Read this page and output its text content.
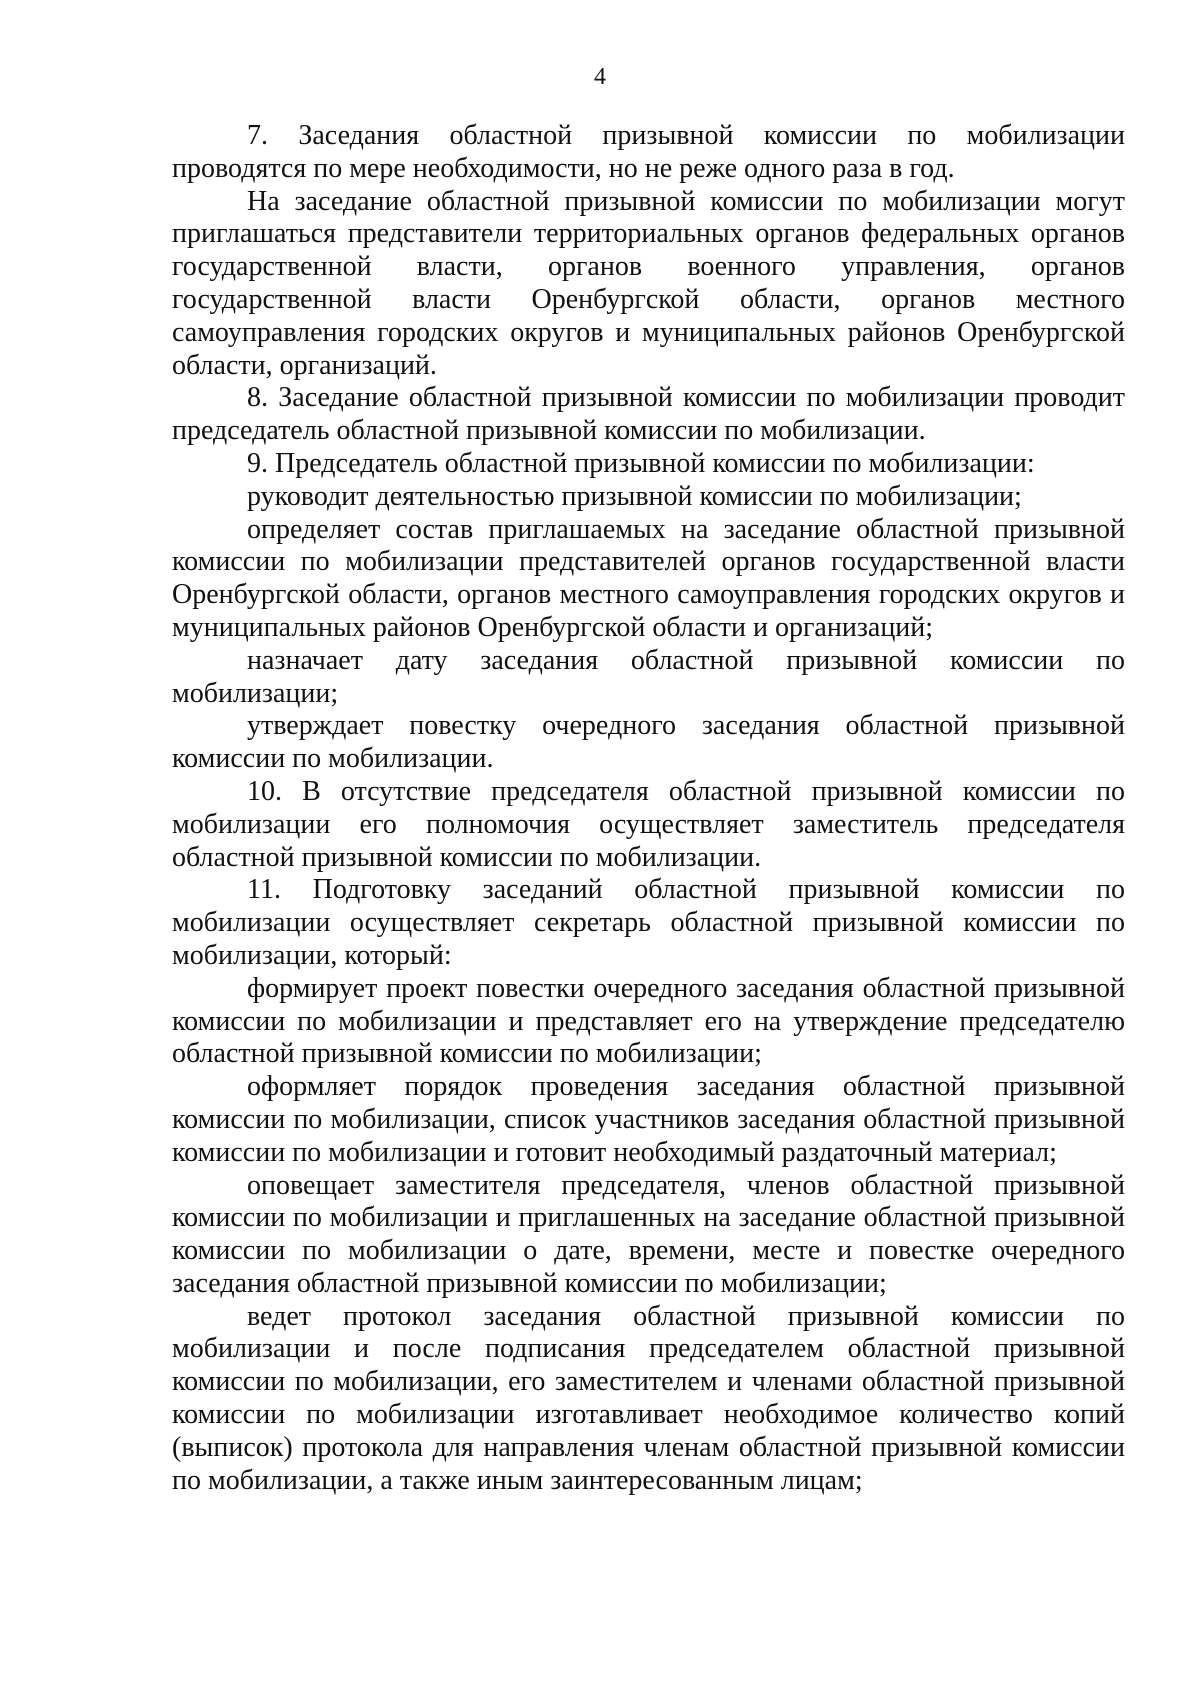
4

7. Заседания областной призывной комиссии по мобилизации проводятся по мере необходимости, но не реже одного раза в год.

На заседание областной призывной комиссии по мобилизации могут приглашаться представители территориальных органов федеральных органов государственной власти, органов военного управления, органов государственной власти Оренбургской области, органов местного самоуправления городских округов и муниципальных районов Оренбургской области, организаций.

8. Заседание областной призывной комиссии по мобилизации проводит председатель областной призывной комиссии по мобилизации.

9. Председатель областной призывной комиссии по мобилизации:

руководит деятельностью призывной комиссии по мобилизации;

определяет состав приглашаемых на заседание областной призывной комиссии по мобилизации представителей органов государственной власти Оренбургской области, органов местного самоуправления городских округов и муниципальных районов Оренбургской области и организаций;

назначает дату заседания областной призывной комиссии по мобилизации;

утверждает повестку очередного заседания областной призывной комиссии по мобилизации.

10. В отсутствие председателя областной призывной комиссии по мобилизации его полномочия осуществляет заместитель председателя областной призывной комиссии по мобилизации.

11. Подготовку заседаний областной призывной комиссии по мобилизации осуществляет секретарь областной призывной комиссии по мобилизации, который:

формирует проект повестки очередного заседания областной призывной комиссии по мобилизации и представляет его на утверждение председателю областной призывной комиссии по мобилизации;

оформляет порядок проведения заседания областной призывной комиссии по мобилизации, список участников заседания областной призывной комиссии по мобилизации и готовит необходимый раздаточный материал;

оповещает заместителя председателя, членов областной призывной комиссии по мобилизации и приглашенных на заседание областной призывной комиссии по мобилизации о дате, времени, месте и повестке очередного заседания областной призывной комиссии по мобилизации;

ведет протокол заседания областной призывной комиссии по мобилизации и после подписания председателем областной призывной комиссии по мобилизации, его заместителем и членами областной призывной комиссии по мобилизации изготавливает необходимое количество копий (выписок) протокола для направления членам областной призывной комиссии по мобилизации, а также иным заинтересованным лицам;
